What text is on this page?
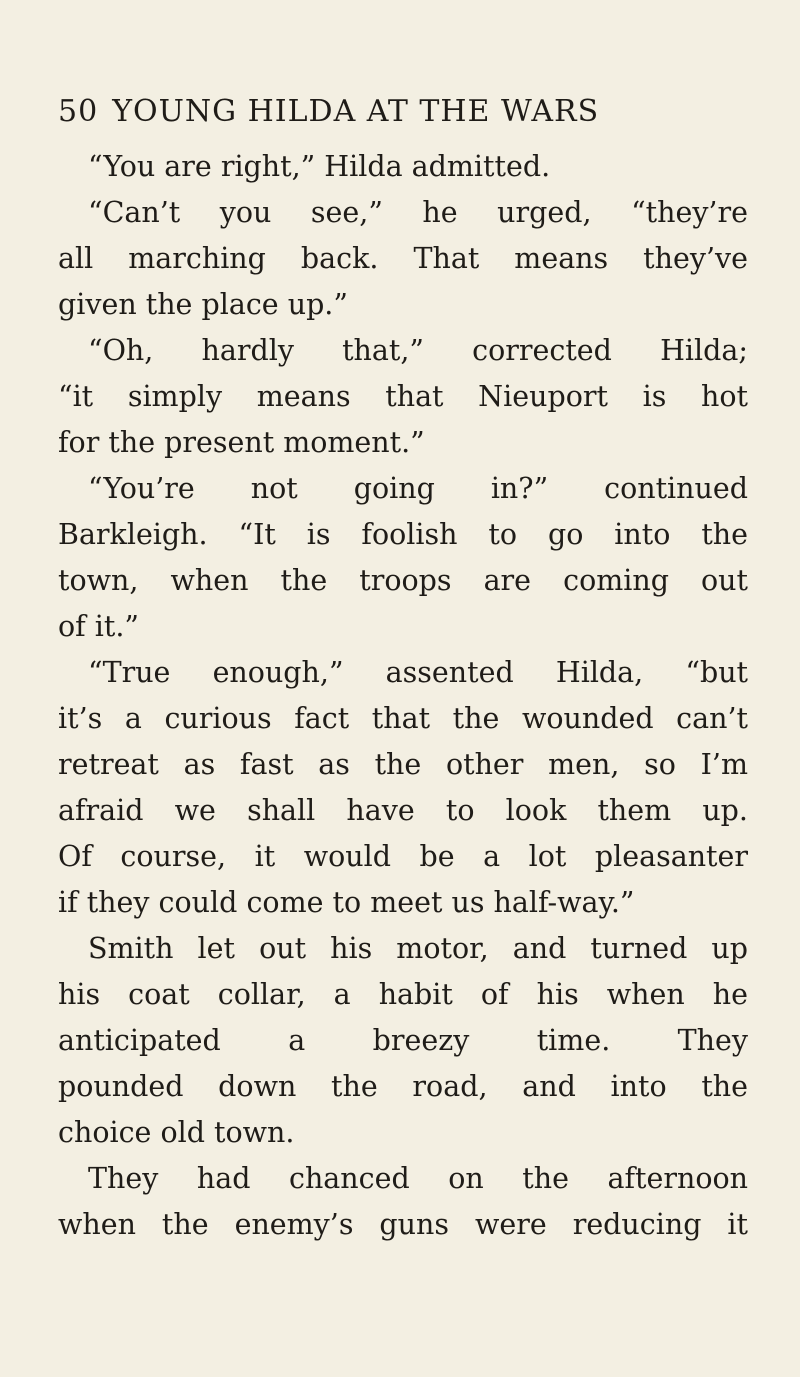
50 YOUNG HILDA AT THE WARS
“You are right,” Hilda admitted.
“Can’t you see,” he urged, “they’re
all marching back. That means they’ve
given the place up.”
“Oh, hardly that,” corrected Hilda;
“it simply means that Nieuport is hot
for the present moment.”
“You’re not going in?” continued
Barkleigh. “It is foolish to go into the
town, when the troops are coming out
of it.”
“True enough,” assented Hilda, “but
it’s a curious fact that the wounded can’t
retreat as fast as the other men, so I’m
afraid we shall have to look them up.
Of course, it would be a lot pleasanter
if they could come to meet us half-way.”
Smith let out his motor, and turned up
his coat collar, a habit of his when he
anticipated a breezy time. They
pounded down the road, and into the
choice old town.
They had chanced on the afternoon
when the enemy’s guns were reducing it
